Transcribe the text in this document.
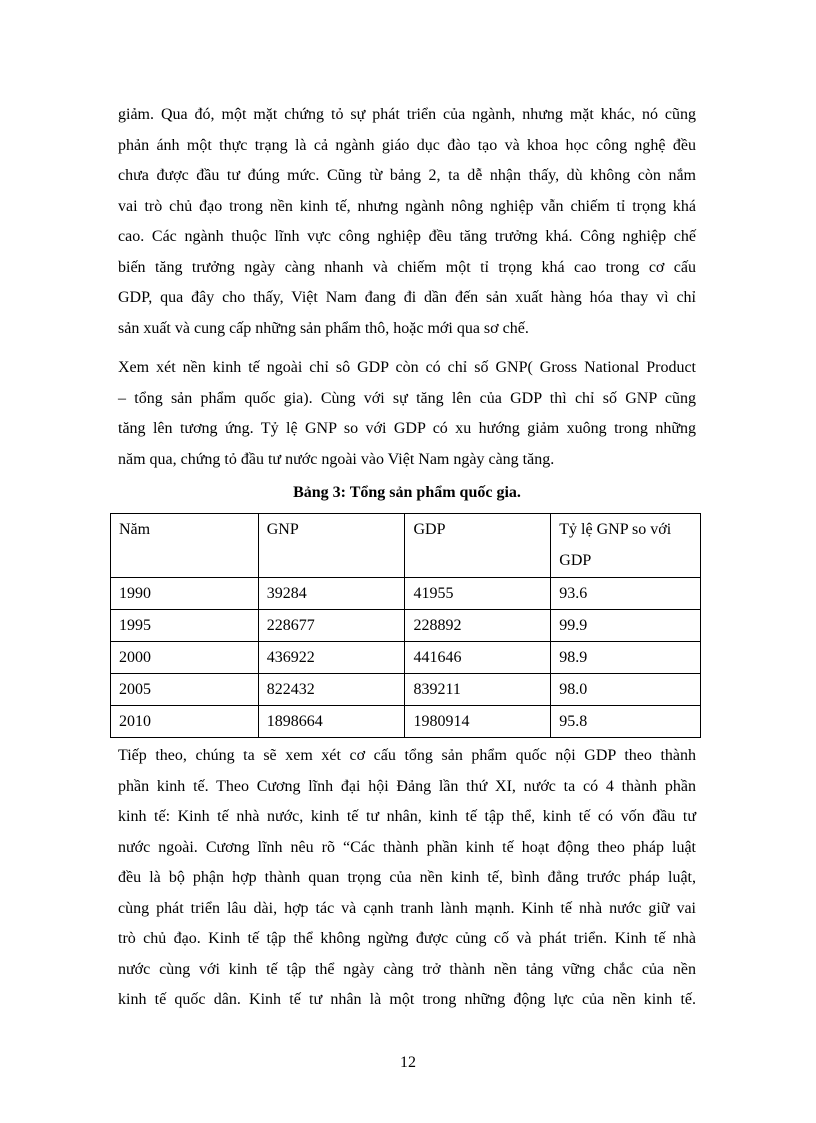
giảm. Qua đó, một mặt chứng tỏ sự phát triển của ngành, nhưng mặt khác, nó cũng
phản ánh một thực trạng là cả ngành giáo dục đào tạo và khoa học công nghệ đều
chưa được đầu tư đúng mức. Cũng từ bảng 2, ta dễ nhận thấy, dù không còn nắm
vai trò chủ đạo trong nền kinh tế, nhưng ngành nông nghiệp vẫn chiếm tỉ trọng khá
cao. Các ngành thuộc lĩnh vực công nghiệp đều tăng trưởng khá. Công nghiệp chế
biến tăng trưởng ngày càng nhanh và chiếm một tỉ trọng khá cao trong cơ cấu
GDP, qua đây cho thấy, Việt Nam đang đi dần đến sản xuất hàng hóa thay vì chỉ
sản xuất và cung cấp những sản phẩm thô, hoặc mới qua sơ chế.
Xem xét nền kinh tế ngoài chỉ sô GDP còn có chỉ số GNP( Gross National Product
– tổng sản phẩm quốc gia). Cùng với sự tăng lên của GDP thì chỉ số GNP cũng
tăng lên tương ứng. Tỷ lệ GNP so với GDP có xu hướng giảm xuông trong những
năm qua, chứng tỏ đầu tư nước ngoài vào Việt Nam ngày càng tăng.

Bảng 3: Tổng sản phẩm quốc gia.

Năm	GNP	GDP	Tỷ lệ GNP so với GDP
1990	39284	41955	93.6
1995	228677	228892	99.9
2000	436922	441646	98.9
2005	822432	839211	98.0
2010	1898664	1980914	95.8
Tiếp theo, chúng ta sẽ xem xét cơ cấu tổng sản phẩm quốc nội GDP theo thành
phần kinh tế. Theo Cương lĩnh đại hội Đảng lần thứ XI, nước ta có 4 thành phần
kinh tế: Kinh tế nhà nước, kinh tế tư nhân, kinh tế tập thể, kinh tế có vốn đầu tư
nước ngoài. Cương lĩnh nêu rõ “Các thành phần kinh tế hoạt động theo pháp luật
đều là bộ phận hợp thành quan trọng của nền kinh tế, bình đẳng trước pháp luật,
cùng phát triển lâu dài, hợp tác và cạnh tranh lành mạnh. Kinh tế nhà nước giữ vai
trò chủ đạo. Kinh tế tập thể không ngừng được củng cố và phát triển. Kinh tế nhà
nước cùng với kinh tế tập thể ngày càng trở thành nền tảng vững chắc của nền
kinh tế quốc dân. Kinh tế tư nhân là một trong những động lực của nền kinh tế.

12
